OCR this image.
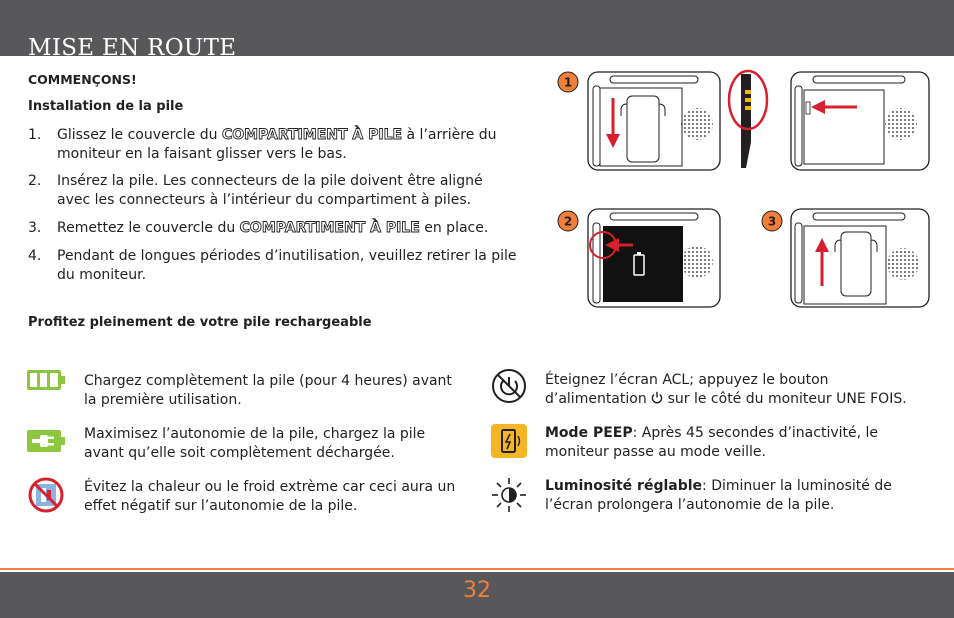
MISE EN ROUTE
COMMENÇONS!
Installation de la pile
1. Glissez le couvercle du COMPARTIMENT À PILE à l’arrière du
moniteur en la faisant glisser vers le bas.
2. Insérez la pile. Les connecteurs de la pile doivent être aligné
avec les connecteurs à l’intérieur du compartiment à piles.
3. Remettez le couvercle du COMPARTIMENT À PILE en place.
4. Pendant de longues périodes d’inutilisation, veuillez retirer la pile
du moniteur.
1
2	3
Profitez pleinement de votre pile rechargeable
Chargez complètement la pile (pour 4 heures) avant
la première utilisation.
Maximisez l’autonomie de la pile, chargez la pile
avant qu’elle soit complètement déchargée.
Évitez la chaleur ou le froid extrème car ceci aura un
effet négatif sur l’autonomie de la pile.
Éteignez l’écran ACL; appuyez le bouton
d’alimentation  sur le côté du moniteur UNE FOIS.
Mode PEEP: Après 45 secondes d’inactivité, le
moniteur passe au mode veille.
Luminosité réglable: Diminuer la luminosité de
l’écran prolongera l’autonomie de la pile.
32
